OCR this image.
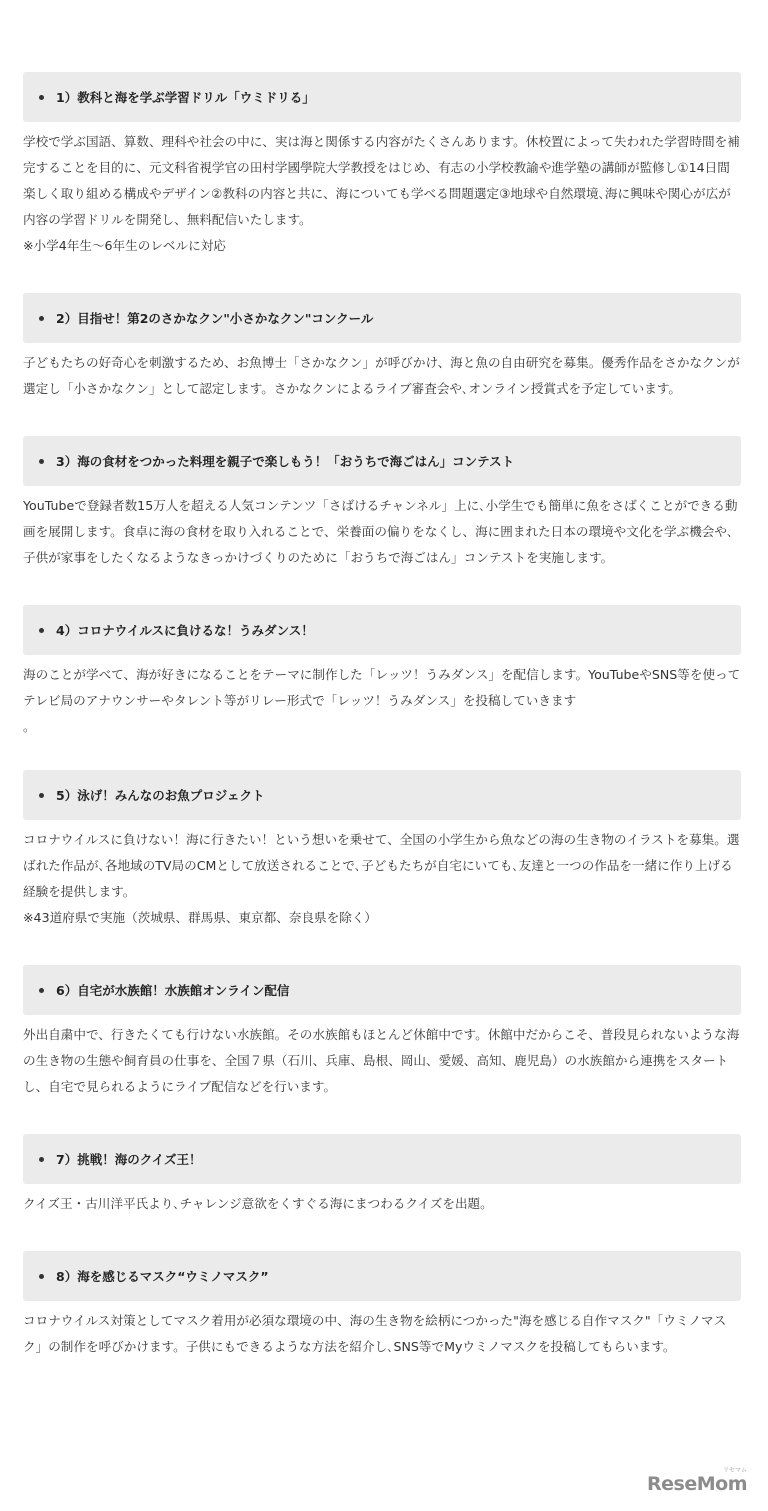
1）教科と海を学ぶ学習ドリル「ウミドリる」

学校で学ぶ国語、算数、理科や社会の中に、実は海と関係する内容がたくさんあります。休校置によって失われた学習時間を補完することを目的に、元文科省視学官の田村学國學院大学教授をはじめ、有志の小学校教諭や進学塾の講師が監修し①14日間楽しく取り組める構成やデザイン②教科の内容と共に、海についても学べる問題選定③地球や自然環境､海に興味や関心が広が内容の学習ドリルを開発し、無料配信いたします。

※小学4年生〜6年生のレベルに対応

2）目指せ！第2のさかなクン"小さかなクン"コンクール

子どもたちの好奇心を刺激するため、お魚博士「さかなクン」が呼びかけ、海と魚の自由研究を募集。優秀作品をさかなクンが選定し「小さかなクン」として認定します。さかなクンによるライブ審査会や､オンライン授賞式を予定しています。

3）海の食材をつかった料理を親子で楽しもう！「おうちで海ごはん」コンテスト

YouTubeで登録者数15万人を超える人気コンテンツ「さばけるチャンネル」上に､小学生でも簡単に魚をさばくことができる動画を展開します。食卓に海の食材を取り入れることで、栄養面の偏りをなくし、海に囲まれた日本の環境や文化を学ぶ機会や､子供が家事をしたくなるようなきっかけづくりのために「おうちで海ごはん」コンテストを実施します。

4）コロナウイルスに負けるな！うみダンス！

海のことが学べて、海が好きになることをテーマに制作した「レッツ！うみダンス」を配信します。YouTubeやSNS等を使ってテレビ局のアナウンサーやタレント等がリレー形式で「レッツ！うみダンス」を投稿していきます

。

5）泳げ！みんなのお魚プロジェクト

コロナウイルスに負けない！海に行きたい！という想いを乗せて、全国の小学生から魚などの海の生き物のイラストを募集。選ばれた作品が､各地域のTV局のCMとして放送されることで､子どもたちが自宅にいても､友達と一つの作品を一緒に作り上げる経験を提供します。

※43道府県で実施（茨城県、群馬県、東京都、奈良県を除く）

6）自宅が水族館！水族館オンライン配信

外出自粛中で、行きたくても行けない水族館。その水族館もほとんど休館中です。休館中だからこそ、普段見られないような海の生き物の生態や飼育員の仕事を、全国７県（石川、兵庫、島根、岡山、愛媛、高知、鹿児島）の水族館から連携をスタートし、自宅で見られるようにライブ配信などを行います。

7）挑戦！海のクイズ王！

クイズ王・古川洋平氏より､チャレンジ意欲をくすぐる海にまつわるクイズを出題。

8）海を感じるマスク“ウミノマスク”

コロナウイルス対策としてマスク着用が必須な環境の中、海の生き物を絵柄につかった"海を感じる自作マスク"「ウミノマスク」の制作を呼びかけます。子供にもできるような方法を紹介し､SNS等でMyウミノマスクを投稿してもらいます。

ReseMom
リセマム
